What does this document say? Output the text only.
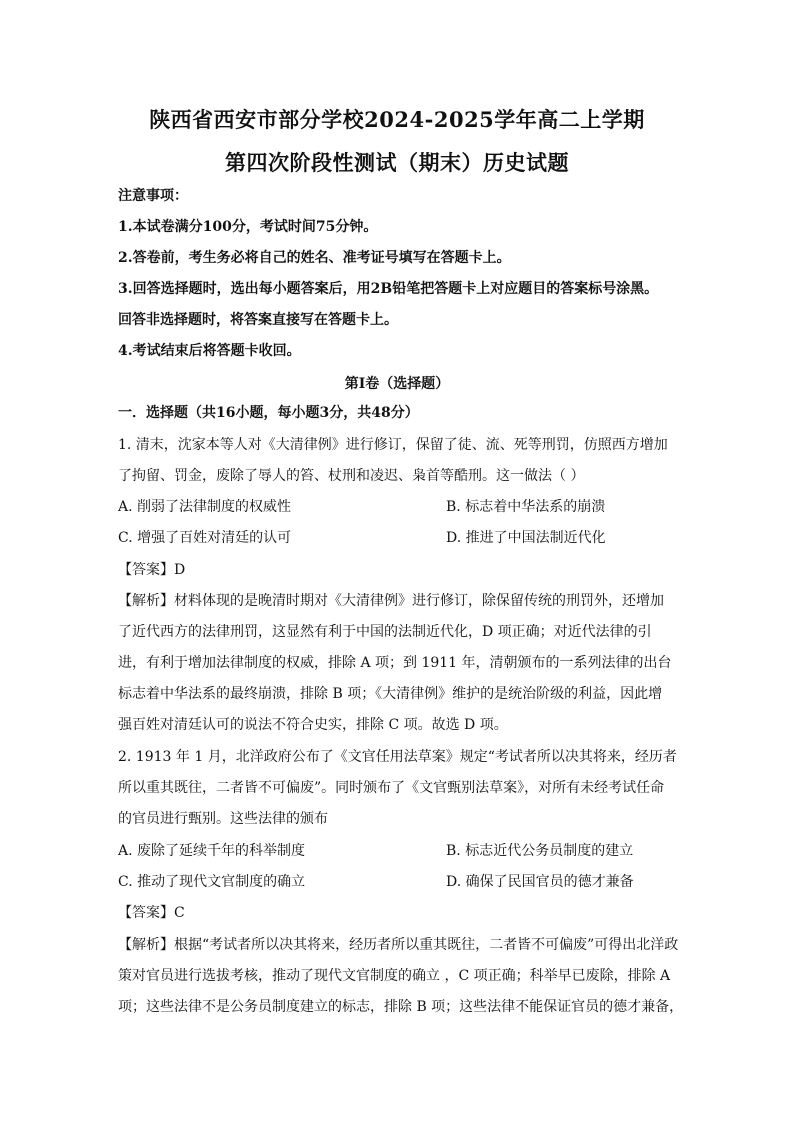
陕西省西安市部分学校2024-2025学年高二上学期
第四次阶段性测试（期末）历史试题
注意事项：
1.本试卷满分100分，考试时间75分钟。
2.答卷前，考生务必将自己的姓名、准考证号填写在答题卡上。
3.回答选择题时，选出每小题答案后，用2B铅笔把答题卡上对应题目的答案标号涂黑。
回答非选择题时，将答案直接写在答题卡上。
4.考试结束后将答题卡收回。
第I卷（选择题）
一．选择题（共16小题，每小题3分，共48分）
1. 清末，沈家本等人对《大清律例》进行修订，保留了徒、流、死等刑罚，仿照西方增加
了拘留、罚金，废除了辱人的笞、杖刑和凌迟、枭首等酷刑。这一做法（ ）
A. 削弱了法律制度的权威性	B. 标志着中华法系的崩溃
C. 增强了百姓对清廷的认可	D. 推进了中国法制近代化
【答案】D
【解析】材料体现的是晚清时期对《大清律例》进行修订，除保留传统的刑罚外，还增加
了近代西方的法律刑罚，这显然有利于中国的法制近代化，D 项正确；对近代法律的引
进，有利于增加法律制度的权威，排除 A 项；到 1911 年，清朝颁布的一系列法律的出台
标志着中华法系的最终崩溃，排除 B 项；《大清律例》维护的是统治阶级的利益，因此增
强百姓对清廷认可的说法不符合史实，排除 C 项。故选 D 项。
2. 1913 年 1 月，北洋政府公布了《文官任用法草案》规定“考试者所以决其将来，经历者
所以重其既往，二者皆不可偏废”。同时颁布了《文官甄别法草案》，对所有未经考试任命
的官员进行甄别。这些法律的颁布
A. 废除了延续千年的科举制度	B. 标志近代公务员制度的建立
C. 推动了现代文官制度的确立	D. 确保了民国官员的德才兼备
【答案】C
【解析】根据“考试者所以决其将来，经历者所以重其既往，二者皆不可偏废”可得出北洋政
策对官员进行选拔考核，推动了现代文官制度的确立 ，C 项正确；科举早已废除，排除 A
项；这些法律不是公务员制度建立的标志，排除 B 项；这些法律不能保证官员的德才兼备，
